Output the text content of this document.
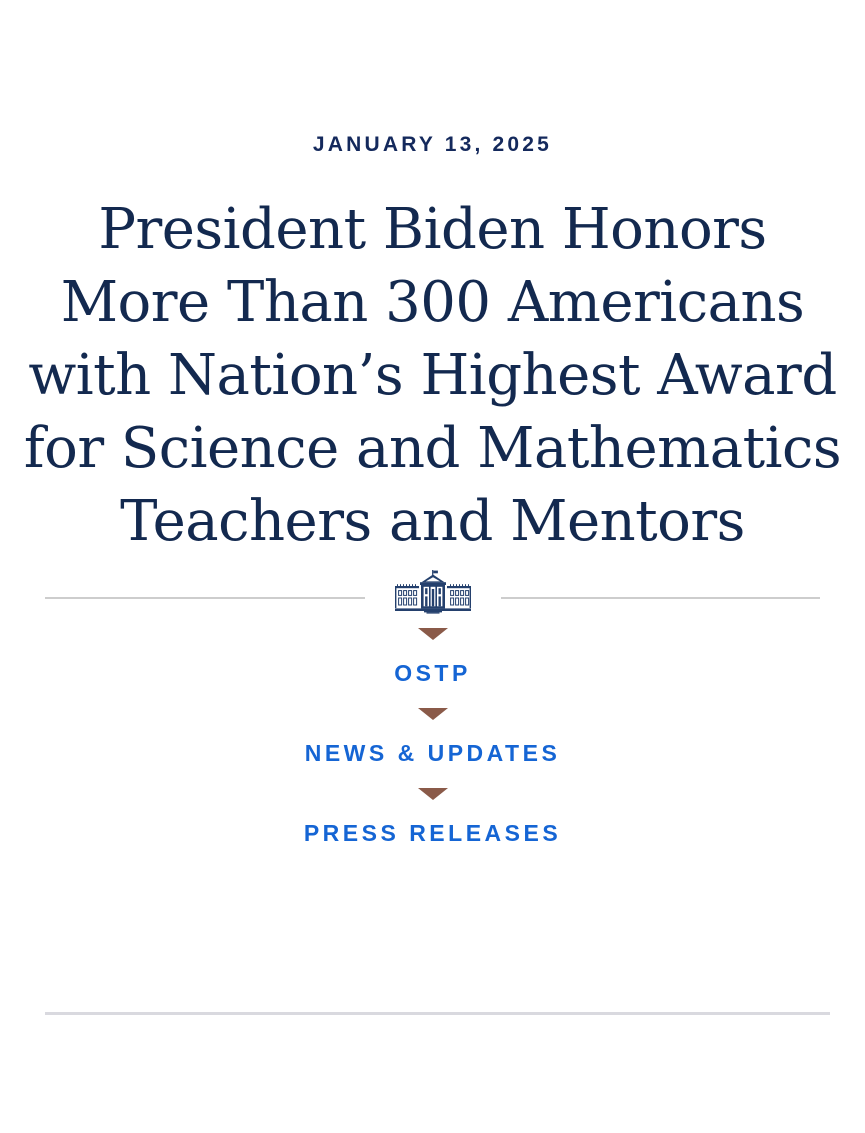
JANUARY 13, 2025
President Biden Honors
More Than 300 Americans
with Nation’s Highest Award
for Science and Mathematics
Teachers and Mentors
OSTP
NEWS & UPDATES
PRESS RELEASES
